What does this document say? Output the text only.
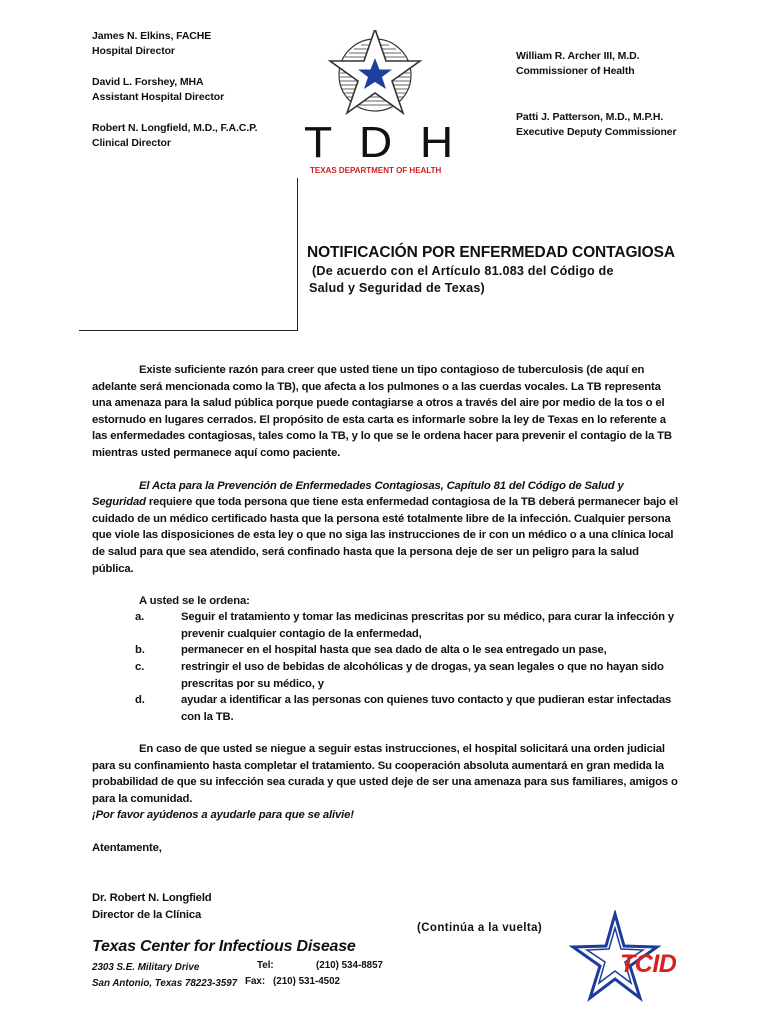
James N. Elkins, FACHE
Hospital Director
David L. Forshey, MHA
Assistant Hospital Director
Robert N. Longfield, M.D., F.A.C.P.
Clinical Director
William R. Archer III, M.D.
Commissioner of Health
Patti J. Patterson, M.D., M.P.H.
Executive Deputy Commissioner
T D H
TEXAS DEPARTMENT OF HEALTH
NOTIFICACIÓN POR ENFERMEDAD CONTAGIOSA
(De acuerdo con el Artículo 81.083 del Código de
Salud y Seguridad de Texas)

Existe suficiente razón para creer que usted tiene un tipo contagioso de tuberculosis (de aquí en adelante será mencionada como la TB), que afecta a los pulmones o a las cuerdas vocales. La TB representa una amenaza para la salud pública porque puede contagiarse a otros a través del aire por medio de la tos o el estornudo en lugares cerrados. El propósito de esta carta es informarle sobre la ley de Texas en lo referente a las enfermedades contagiosas, tales como la TB, y lo que se le ordena hacer para prevenir el contagio de la TB mientras usted permanece aquí como paciente.

El Acta para la Prevención de Enfermedades Contagiosas, Capítulo 81 del Código de Salud y Seguridad requiere que toda persona que tiene esta enfermedad contagiosa de la TB deberá permanecer bajo el cuidado de un médico certificado hasta que la persona esté totalmente libre de la infección. Cualquier persona que viole las disposiciones de esta ley o que no siga las instrucciones de ir con un médico o a una clínica local de salud para que sea atendido, será confinado hasta que la persona deje de ser un peligro para la salud pública.

A usted se le ordena:

a.	Seguir el tratamiento y tomar las medicinas prescritas por su médico, para curar la infección y prevenir cualquier contagio de la enfermedad,
b.	permanecer en el hospital hasta que sea dado de alta o le sea entregado un pase,
c.	restringir el uso de bebidas de alcohólicas y de drogas, ya sean legales o que no hayan sido prescritas por su médico, y
d.	ayudar a identificar a las personas con quienes tuvo contacto y que pudieran estar infectadas con la TB.

En caso de que usted se niegue a seguir estas instrucciones, el hospital solicitará una orden judicial para su confinamiento hasta completar el tratamiento. Su cooperación absoluta aumentará en gran medida la probabilidad de que su infección sea curada y que usted deje de ser una amenaza para sus familiares, amigos o para la comunidad.
¡Por favor ayúdenos a ayudarle para que se alivie!

Atentamente,

Dr. Robert N. Longfield
Director de la Clínica
(Continúa a la vuelta)
Texas Center for Infectious Disease
2303 S.E. Military Drive
San Antonio, Texas 78223-3597
Tel:	(210) 534-8857
Fax: (210) 531-4502
TCID
